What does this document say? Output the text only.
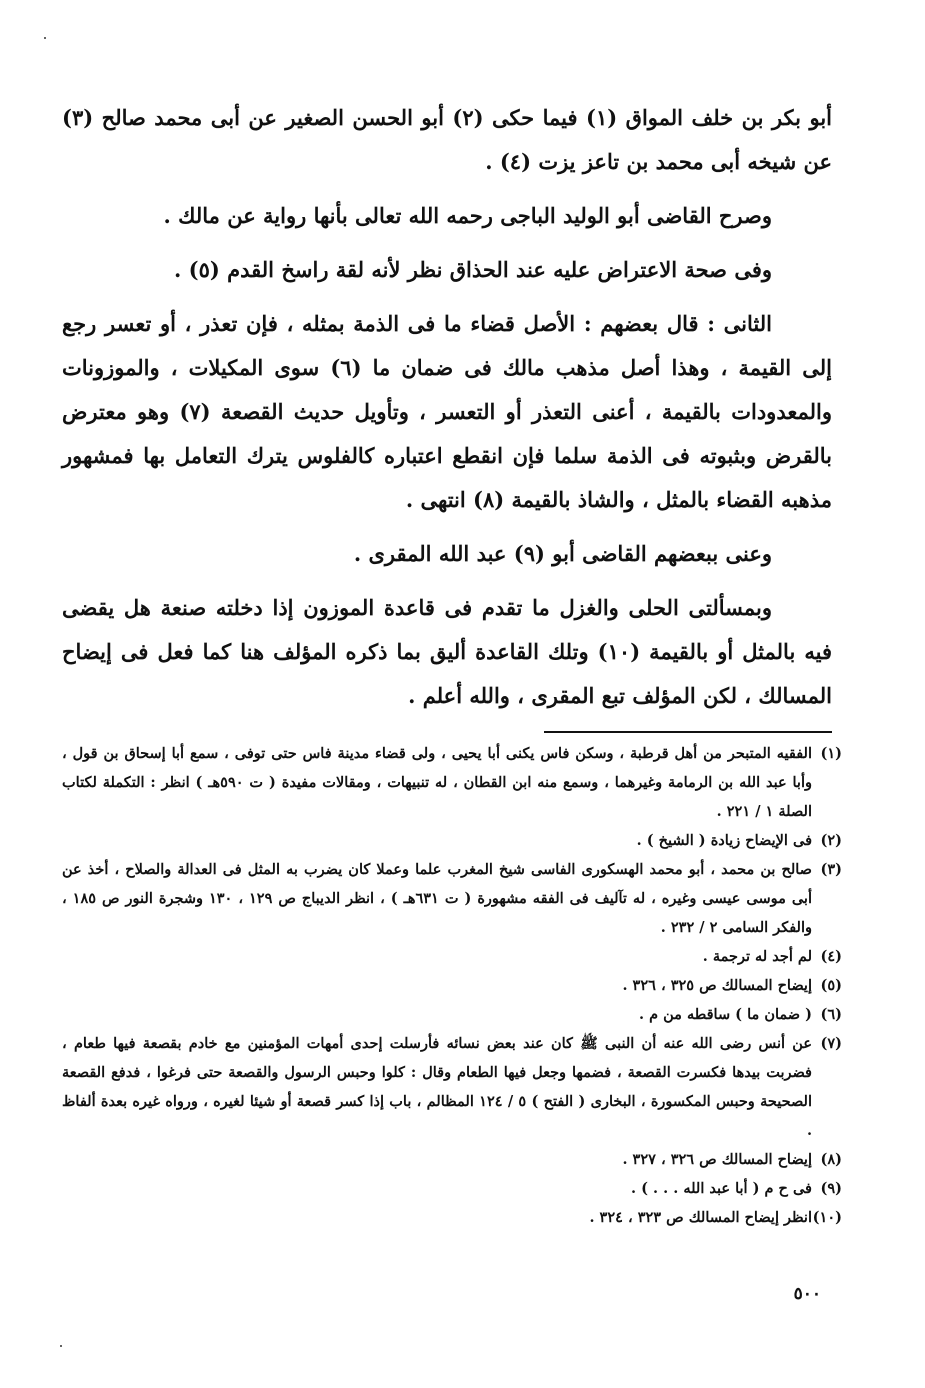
أبو بكر بن خلف المواق (١) فيما حكى (٢) أبو الحسن الصغير عن أبى محمد صالح (٣) عن شيخه أبى محمد بن تاعز يزت (٤) .

وصرح القاضى أبو الوليد الباجى رحمه الله تعالى بأنها رواية عن مالك .

وفى صحة الاعتراض عليه عند الحذاق نظر لأنه لقة راسخ القدم (٥) .

الثانى : قال بعضهم : الأصل قضاء ما فى الذمة بمثله ، فإن تعذر ، أو تعسر رجع إلى القيمة ، وهذا أصل مذهب مالك فى ضمان ما (٦) سوى المكيلات ، والموزونات والمعدودات بالقيمة ، أعنى التعذر أو التعسر ، وتأويل حديث القصعة (٧) وهو معترض بالقرض وبثبوته فى الذمة سلما فإن انقطع اعتباره كالفلوس يترك التعامل بها فمشهور مذهبه القضاء بالمثل ، والشاذ بالقيمة (٨) انتهى .

وعنى ببعضهم القاضى أبو (٩) عبد الله المقرى .

وبمسألتى الحلى والغزل ما تقدم فى قاعدة الموزون إذا دخلته صنعة هل يقضى فيه بالمثل أو بالقيمة (١٠) وتلك القاعدة أليق بما ذكره المؤلف هنا كما فعل فى إيضاح المسالك ، لكن المؤلف تبع المقرى ، والله أعلم .

(١)
الفقيه المتبحر من أهل قرطبة ، وسكن فاس يكنى أبا يحيى ، ولى قضاء مدينة فاس حتى توفى ، سمع أبا إسحاق بن قول ، وأبا عبد الله بن الرمامة وغيرهما ، وسمع منه ابن القطان ، له تنبيهات ، ومقالات مفيدة ( ت ٥٩٠هـ ) انظر : التكملة لكتاب الصلة ١ / ٢٢١ .
(٢)
فى الإيضاح زيادة ( الشيخ ) .
(٣)
صالح بن محمد ، أبو محمد الهسكورى الفاسى شيخ المغرب علما وعملا كان يضرب به المثل فى العدالة والصلاح ، أخذ عن أبى موسى عيسى وغيره ، له تآليف فى الفقه مشهورة ( ت ٦٣١هـ ) ، انظر الديباج ص ١٢٩ ، ١٣٠ وشجرة النور ص ١٨٥ ، والفكر السامى ٢ / ٢٣٢ .
(٤)
لم أجد له ترجمة .
(٥)
إيضاح المسالك ص ٣٢٥ ، ٣٢٦ .
(٦)
( ضمان ما ) ساقطه من م .
(٧)
عن أنس رضى الله عنه أن النبى ﷺ كان عند بعض نسائه فأرسلت إحدى أمهات المؤمنين مع خادم بقصعة فيها طعام ، فضربت بيدها فكسرت القصعة ، فضمها وجعل فيها الطعام وقال : كلوا وحبس الرسول والقصعة حتى فرغوا ، فدفع القصعة الصحيحة وحبس المكسورة ، البخارى ( الفتح ) ٥ / ١٢٤ المظالم ، باب إذا كسر قصعة أو شيئا لغيره ، ورواه غيره بعدة ألفاظ .
(٨)
إيضاح المسالك ص ٣٢٦ ، ٣٢٧ .
(٩)
فى ح م ( أبا عبد الله . . . ) .
(١٠)
انظر إيضاح المسالك ص ٣٢٣ ، ٣٢٤ .
٥٠٠
